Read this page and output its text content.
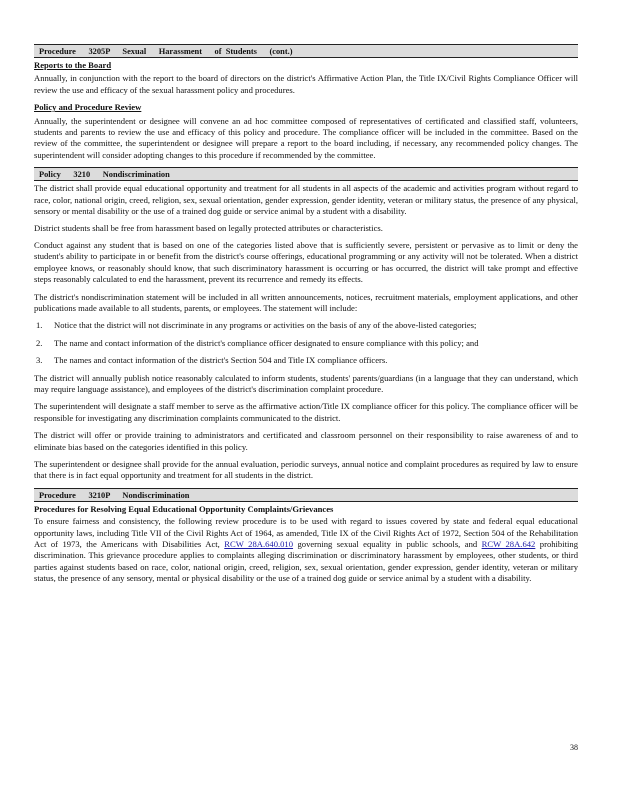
Procedure      3205P      Sexual      Harassment      of  Students      (cont.)
Reports to the Board

Annually, in conjunction with the report to the board of directors on the district's Affirmative Action Plan, the Title IX/Civil Rights Compliance Officer will review the use and efficacy of the sexual harassment policy and procedures.

Policy and Procedure Review

Annually, the superintendent or designee will convene an ad hoc committee composed of representatives of certificated and classified staff, volunteers, students and parents to review the use and efficacy of this policy and procedure. The compliance officer will be included in the committee. Based on the review of the committee, the superintendent or designee will prepare a report to the board including, if necessary, any recommended policy changes. The superintendent will consider adopting changes to this procedure if recommended by the committee.

Policy      3210      Nondiscrimination

The district shall provide equal educational opportunity and treatment for all students in all aspects of the academic and activities program without regard to race, color, national origin, creed, religion, sex, sexual orientation, gender expression, gender identity, veteran or military status, the presence of any physical, sensory or mental disability or the use of a trained dog guide or service animal by a student with a disability.

District students shall be free from harassment based on legally protected attributes or characteristics.

Conduct against any student that is based on one of the categories listed above that is sufficiently severe, persistent or pervasive as to limit or deny the student's ability to participate in or benefit from the district's course offerings, educational programming or any activity will not be tolerated. When a district employee knows, or reasonably should know, that such discriminatory harassment is occurring or has occurred, the district will take prompt and effective steps reasonably calculated to end the harassment, prevent its recurrence and remedy its effects.

The district's nondiscrimination statement will be included in all written announcements, notices, recruitment materials, employment applications, and other publications made available to all students, parents, or employees. The statement will include:

1. Notice that the district will not discriminate in any programs or activities on the basis of any of the above-listed categories;
2. The name and contact information of the district's compliance officer designated to ensure compliance with this policy; and
3. The names and contact information of the district's Section 504 and Title IX compliance officers.

The district will annually publish notice reasonably calculated to inform students, students' parents/guardians (in a language that they can understand, which may require language assistance), and employees of the district's discrimination complaint procedure.

The superintendent will designate a staff member to serve as the affirmative action/Title IX compliance officer for this policy. The compliance officer will be responsible for investigating any discrimination complaints communicated to the district.

The district will offer or provide training to administrators and certificated and classroom personnel on their responsibility to raise awareness of and to eliminate bias based on the categories identified in this policy.

The superintendent or designee shall provide for the annual evaluation, periodic surveys, annual notice and complaint procedures as required by law to ensure that there is in fact equal opportunity and treatment for all students in the district.

Procedure      3210P      Nondiscrimination
Procedures for Resolving Equal Educational Opportunity Complaints/Grievances

To ensure fairness and consistency, the following review procedure is to be used with regard to issues covered by state and federal equal educational opportunity laws, including Title VII of the Civil Rights Act of 1964, as amended, Title IX of the Civil Rights Act of 1972, Section 504 of the Rehabilitation Act of 1973, the Americans with Disabilities Act, RCW 28A.640.010 governing sexual equality in public schools, and RCW 28A.642 prohibiting discrimination. This grievance procedure applies to complaints alleging discrimination or discriminatory harassment by employees, other students, or third parties against students based on race, color, national origin, creed, religion, sex, sexual orientation, gender expression, gender identity, veteran or military status, the presence of any sensory, mental or physical disability or the use of a trained dog guide or service animal by a student with a disability.

38
